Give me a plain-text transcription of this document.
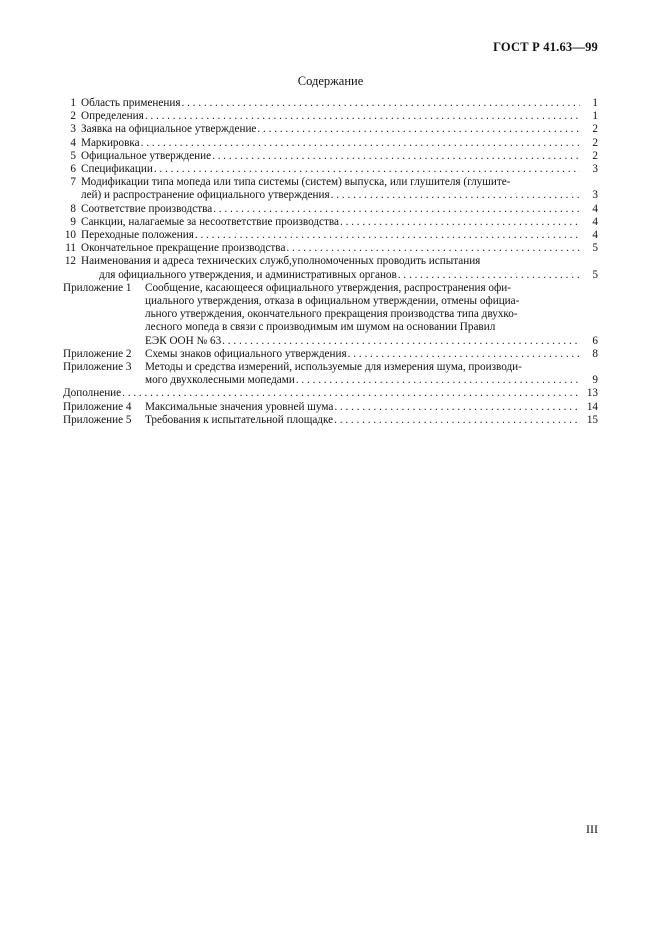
ГОСТ Р 41.63—99
Содержание
1 Область применения . . .	1
2 Определения . . .	1
3 Заявка на официальное утверждение . . .	2
4 Маркировка . . .	2
5 Официальное утверждение . . .	2
6 Спецификации . . .	3
7 Модификации типа мопеда или типа системы (систем) выпуска, или глушителя (глушите-
лей) и распространение официального утверждения . . .	3
8 Соответствие производства . . .	4
9 Санкции, налагаемые за несоответствие производства . . .	4
10 Переходные положения . . .	4
11 Окончательное прекращение производства . . .	5
12 Наименования и адреса технических служб,уполномоченных проводить испытания
для официального утверждения, и административных органов . . .	5
Приложение 1	Сообщение, касающееся официального утверждения, распространения офи-
циального утверждения, отказа в официальном утверждении, отмены официа-
льного утверждения, окончательного прекращения производства типа двухко-
лесного мопеда в связи с производимым им шумом на основании Правил
ЕЭК ООН № 63 . . .	6
Приложение 2	Схемы знаков официального утверждения . . .	8
Приложение 3	Методы и средства измерений, используемые для измерения шума, производи-
мого двухколесными мопедами . . .	9
Дополнение . . .	13
Приложение 4	Максимальные значения уровней шума . . .	14
Приложение 5	Требования к испытательной площадке . . .	15
III
